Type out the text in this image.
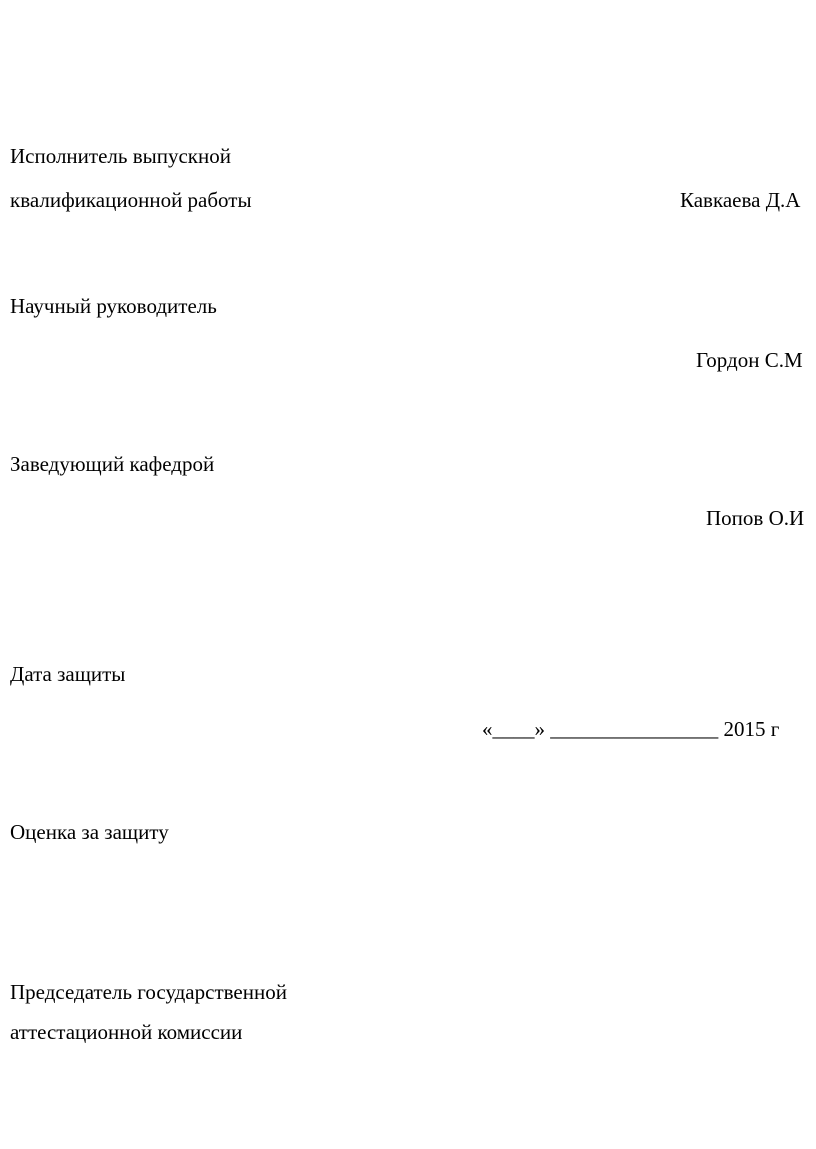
Исполнитель выпускной
квалификационной работы	Кавкаева Д.А
Научный руководитель
Гордон С.М
Заведующий кафедрой
Попов О.И
Дата защиты
«____» ________________ 2015 г
Оценка за защиту
Председатель государственной
аттестационной комиссии
